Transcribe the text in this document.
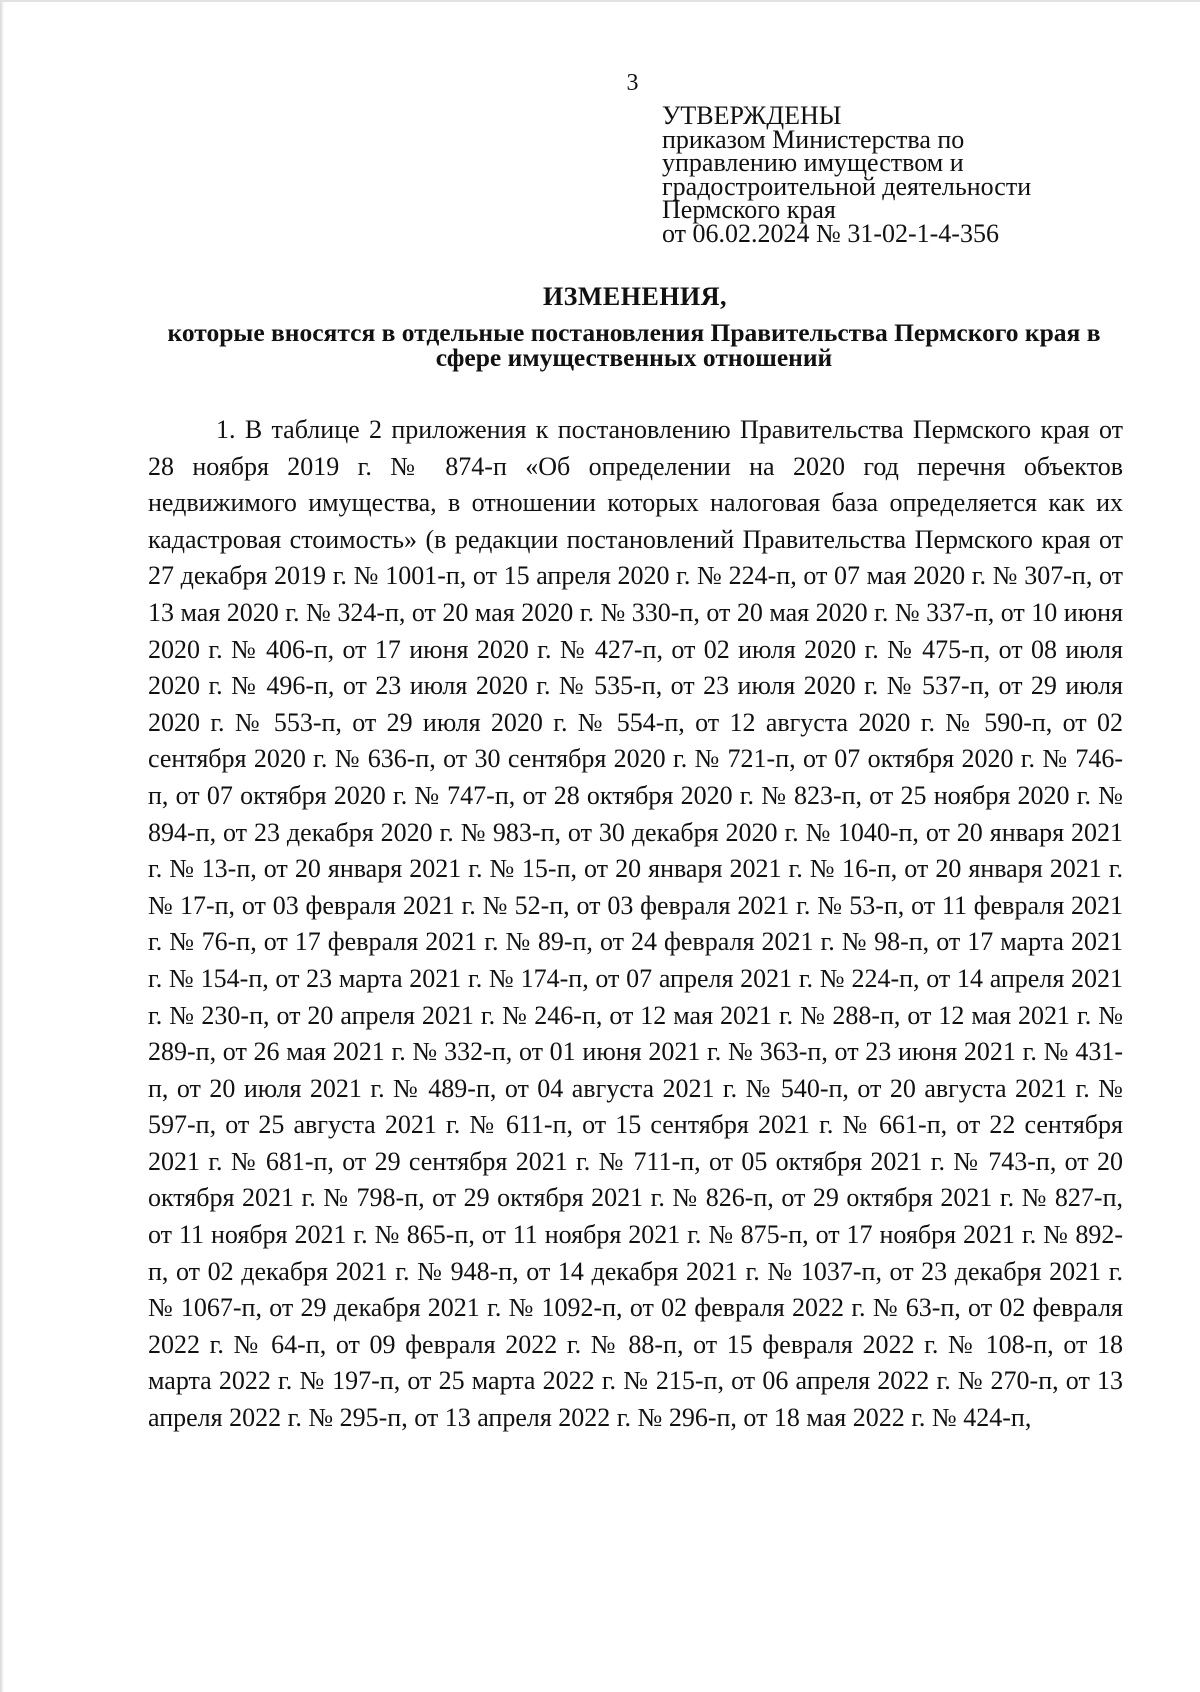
3
УТВЕРЖДЕНЫ
приказом Министерства по
управлению имуществом и
градостроительной деятельности
Пермского края
от 06.02.2024 № 31-02-1-4-356
ИЗМЕНЕНИЯ,
которые вносятся в отдельные постановления Правительства Пермского края в сфере имущественных отношений

1. В таблице 2 приложения к постановлению Правительства Пермского края от 28 ноября 2019 г. № 874-п «Об определении на 2020 год перечня объектов недвижимого имущества, в отношении которых налоговая база определяется как их кадастровая стоимость» (в редакции постановлений Правительства Пермского края от 27 декабря 2019 г. № 1001-п, от 15 апреля 2020 г. № 224-п, от 07 мая 2020 г. № 307-п, от 13 мая 2020 г. № 324-п, от 20 мая 2020 г. № 330-п, от 20 мая 2020 г. № 337-п, от 10 июня 2020 г. № 406-п, от 17 июня 2020 г. № 427-п, от 02 июля 2020 г. № 475-п, от 08 июля 2020 г. № 496-п, от 23 июля 2020 г. № 535-п, от 23 июля 2020 г. № 537-п, от 29 июля 2020 г. № 553-п, от 29 июля 2020 г. № 554-п, от 12 августа 2020 г. № 590-п, от 02 сентября 2020 г. № 636-п, от 30 сентября 2020 г. № 721-п, от 07 октября 2020 г. № 746-п, от 07 октября 2020 г. № 747-п, от 28 октября 2020 г. № 823-п, от 25 ноября 2020 г. № 894-п, от 23 декабря 2020 г. № 983-п, от 30 декабря 2020 г. № 1040-п, от 20 января 2021 г. № 13-п, от 20 января 2021 г. № 15-п, от 20 января 2021 г. № 16-п, от 20 января 2021 г. № 17-п, от 03 февраля 2021 г. № 52-п, от 03 февраля 2021 г. № 53-п, от 11 февраля 2021 г. № 76-п, от 17 февраля 2021 г. № 89-п, от 24 февраля 2021 г. № 98-п, от 17 марта 2021 г. № 154-п, от 23 марта 2021 г. № 174-п, от 07 апреля 2021 г. № 224-п, от 14 апреля 2021 г. № 230-п, от 20 апреля 2021 г. № 246-п, от 12 мая 2021 г. № 288-п, от 12 мая 2021 г. № 289-п, от 26 мая 2021 г. № 332-п, от 01 июня 2021 г. № 363-п, от 23 июня 2021 г. № 431-п, от 20 июля 2021 г. № 489-п, от 04 августа 2021 г. № 540-п, от 20 августа 2021 г. № 597-п, от 25 августа 2021 г. № 611-п, от 15 сентября 2021 г. № 661-п, от 22 сентября 2021 г. № 681-п, от 29 сентября 2021 г. № 711-п, от 05 октября 2021 г. № 743-п, от 20 октября 2021 г. № 798-п, от 29 октября 2021 г. № 826-п, от 29 октября 2021 г. № 827-п, от 11 ноября 2021 г. № 865-п, от 11 ноября 2021 г. № 875-п, от 17 ноября 2021 г. № 892-п, от 02 декабря 2021 г. № 948-п, от 14 декабря 2021 г. № 1037-п, от 23 декабря 2021 г. № 1067-п, от 29 декабря 2021 г. № 1092-п, от 02 февраля 2022 г. № 63-п, от 02 февраля 2022 г. № 64-п, от 09 февраля 2022 г. № 88-п, от 15 февраля 2022 г. № 108-п, от 18 марта 2022 г. № 197-п, от 25 марта 2022 г. № 215-п, от 06 апреля 2022 г. № 270-п, от 13 апреля 2022 г. № 295-п, от 13 апреля 2022 г. № 296-п, от 18 мая 2022 г. № 424-п,
